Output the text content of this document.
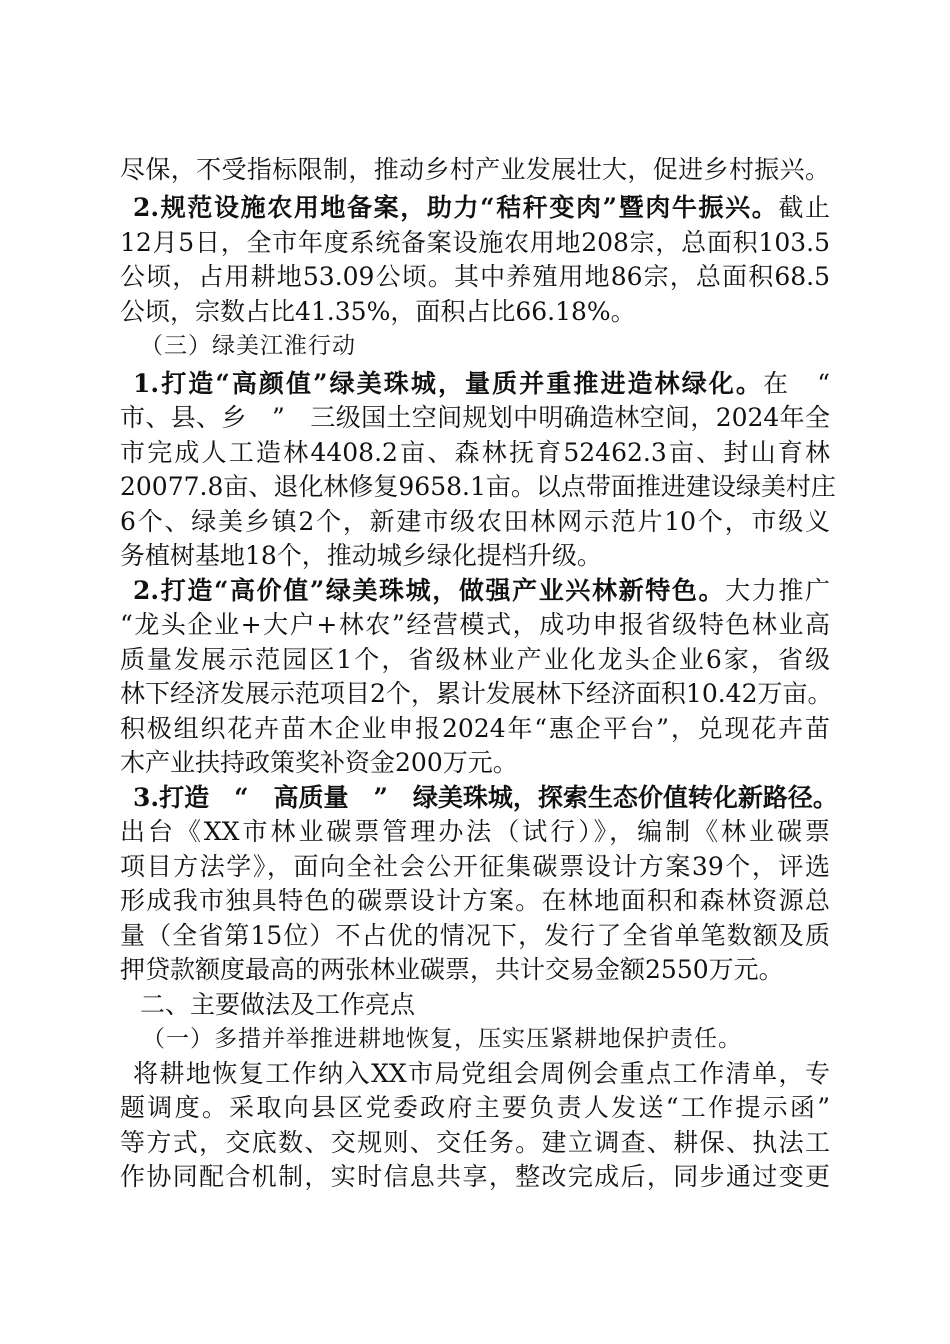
尽保，不受指标限制，推动乡村产业发展壮大，促进乡村振兴。
2.规范设施农用地备案，助力“秸秆变肉”暨肉牛振兴。截止
12月5日，全市年度系统备案设施农用地208宗，总面积103.5
公顷，占用耕地53.09公顷。其中养殖用地86宗，总面积68.5
公顷，宗数占比41.35%，面积占比66.18%。
（三）绿美江淮行动
1.打造“高颜值”绿美珠城，量质并重推进造林绿化。在　“
市、县、乡　”　三级国土空间规划中明确造林空间，2024年全
市完成人工造林4408.2亩、森林抚育52462.3亩、封山育林
20077.8亩、退化林修复9658.1亩。以点带面推进建设绿美村庄
6个、绿美乡镇2个，新建市级农田林网示范片10个，市级义
务植树基地18个，推动城乡绿化提档升级。
2.打造“高价值”绿美珠城，做强产业兴林新特色。大力推广
“龙头企业+大户+林农”经营模式，成功申报省级特色林业高
质量发展示范园区1个，省级林业产业化龙头企业6家，省级
林下经济发展示范项目2个，累计发展林下经济面积10.42万亩。
积极组织花卉苗木企业申报2024年“惠企平台”，兑现花卉苗
木产业扶持政策奖补资金200万元。
3.打造　“　高质量　”　绿美珠城，探索生态价值转化新路径。
出台《XX市林业碳票管理办法（试行）》，编制《林业碳票
项目方法学》，面向全社会公开征集碳票设计方案39个，评选
形成我市独具特色的碳票设计方案。在林地面积和森林资源总
量（全省第15位）不占优的情况下，发行了全省单笔数额及质
押贷款额度最高的两张林业碳票，共计交易金额2550万元。
二、主要做法及工作亮点
（一）多措并举推进耕地恢复，压实压紧耕地保护责任。
将耕地恢复工作纳入XX市局党组会周例会重点工作清单，专
题调度。采取向县区党委政府主要负责人发送“工作提示函”
等方式，交底数、交规则、交任务。建立调查、耕保、执法工
作协同配合机制，实时信息共享，整改完成后，同步通过变更
